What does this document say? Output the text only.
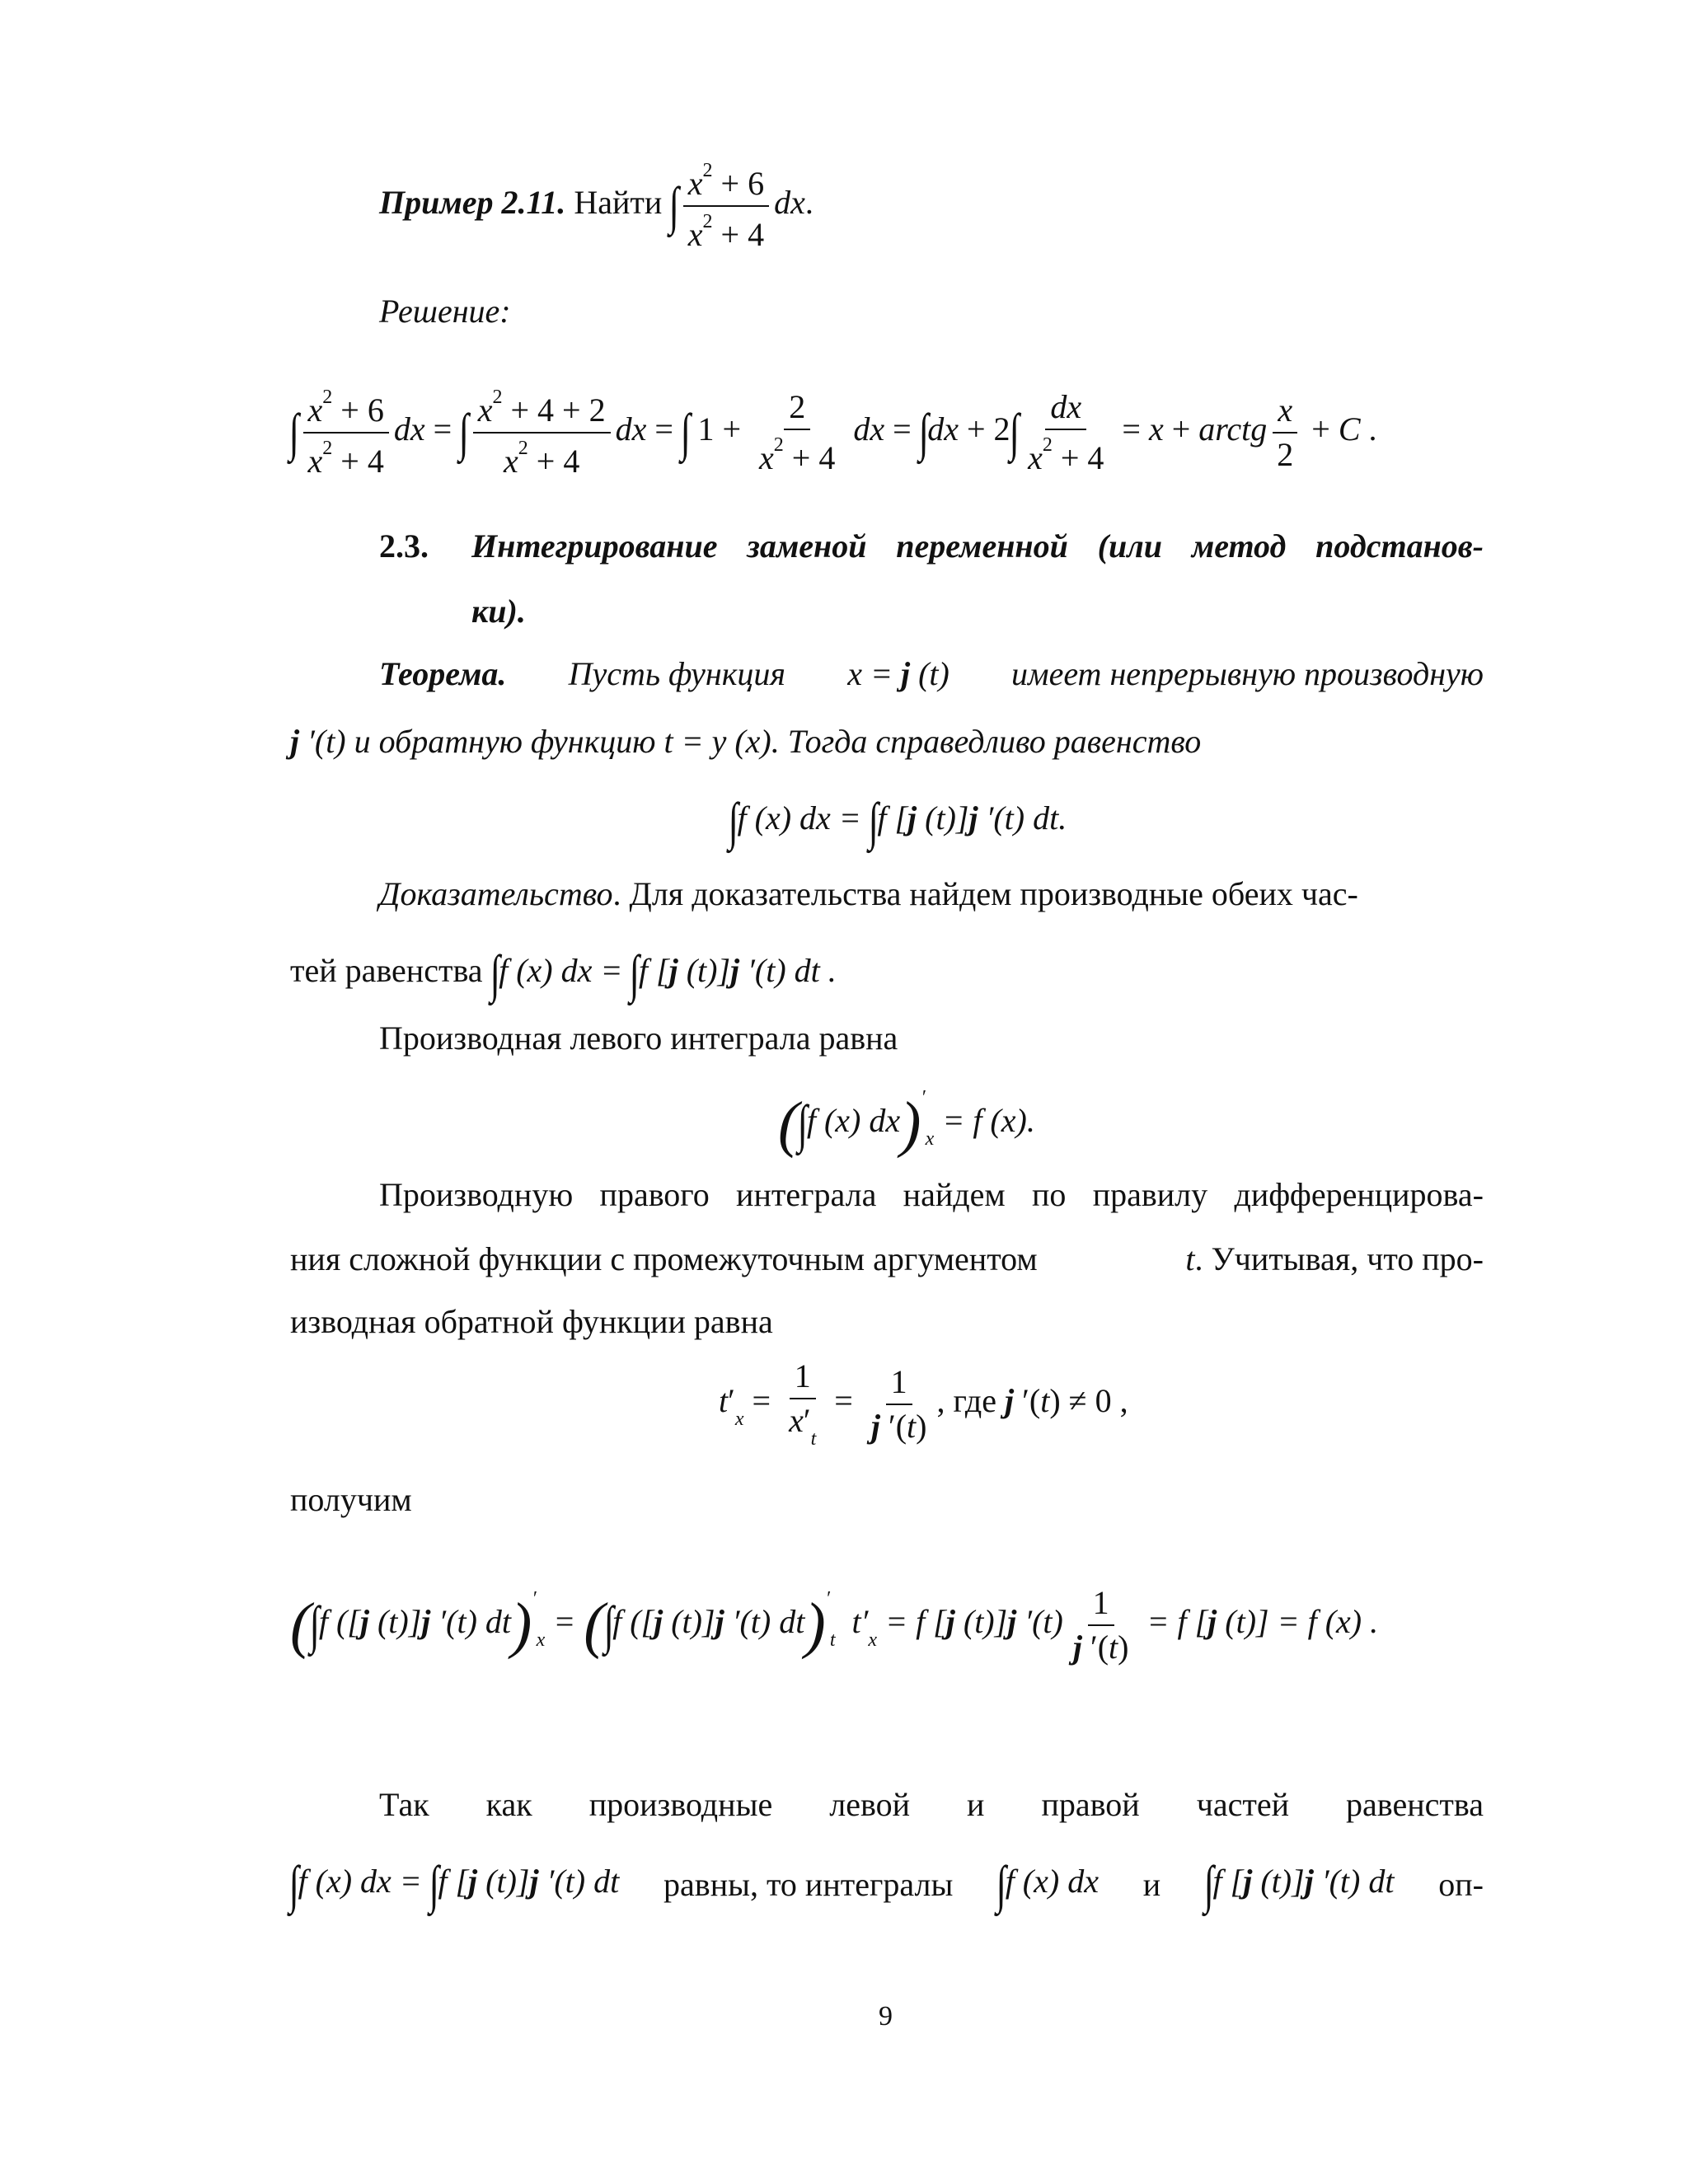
Пример 2.11. Найти ∫ $\frac{x^2 + 6}{x^2 + 4}$ dx.
Решение:
∫ $\frac{x^2 + 6}{x^2 + 4}$ dx = ∫ $\frac{x^2 + 4 + 2}{x^2 + 4}$ dx = ∫ $1 + \frac{2}{x^2 + 4}$ dx = $\int dx + 2\int \frac{dx}{x^2 + 4} = x$ + arctg $\frac{x}{2} + C$ .
2.3. Интегрирование заменой переменной (или метод подстанов-
ки).
Теорема. Пусть функция x = j (t) имеет непрерывную производную
j ′(t) и обратную функцию t = y (x). Тогда справедливо равенство
∫f (x) dx = ∫f [j (t)]j ′(t) dt.
Доказательство. Для доказательства найдем производные обеих час-
тей равенства ∫f (x) dx = ∫f [j (t)]j ′(t) dt .
Производная левого интеграла равна
(∫f (x) $dx)'_x = f$ (x).
Производную правого интеграла найдем по правилу дифференцирова-
ния сложной функции с промежуточным аргументом	t. Учитывая, что про-
изводная обратной функции равна
$t'_x = \frac{1}{x'_t} = \frac{1}{j '(t)}$ , где j ′(t) ≠ 0 ,
получим
(∫f ([j (t)]j ′(t) $dt)'_x = (\int f$ ([j (t)]j ′(t) $dt)'_t$  $t'_x = f$ [j (t)]j $'(t) \frac{1}{j '(t)} = f$ [j (t)] = f (x) .
Так как производные левой и правой частей равенства
∫f (x) dx = ∫f [j (t)]j ′(t) dt равны, то интегралы ∫f (x) dx и ∫f [j (t)]j ′(t) dt оп-
9
